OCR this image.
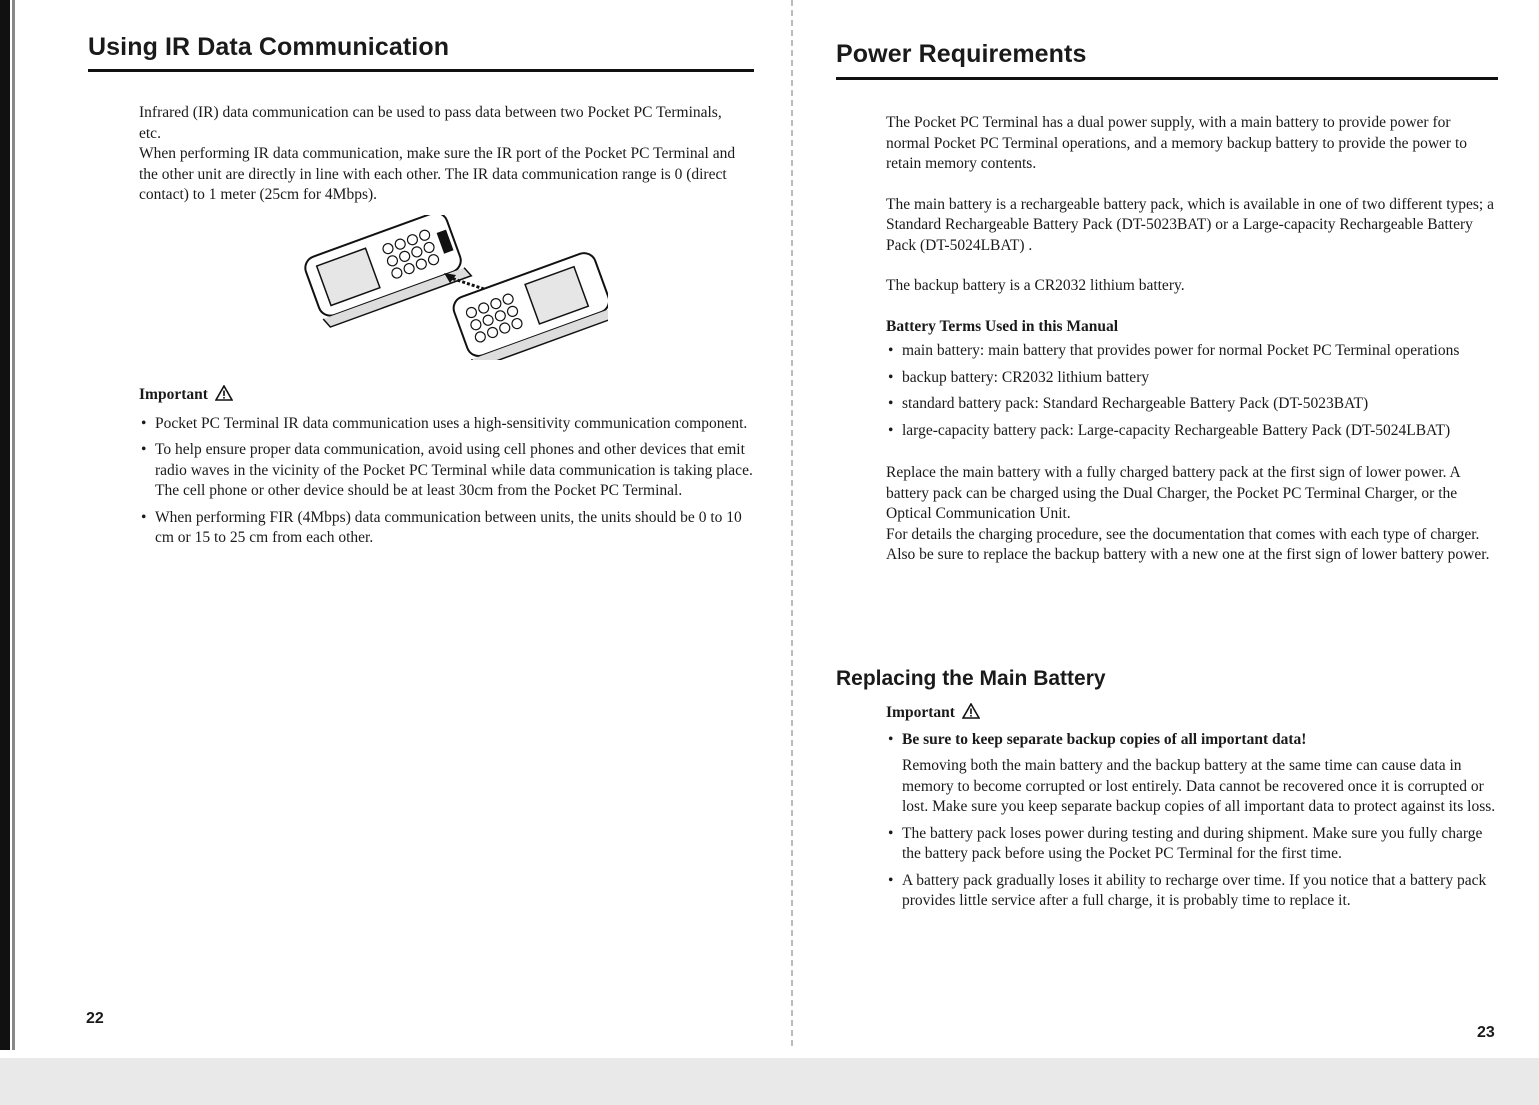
Using IR Data Communication

Infrared (IR) data communication can be used to pass data between two Pocket PC Terminals, etc.

When performing IR data communication, make sure the IR port of the Pocket PC Terminal and the other unit are directly in line with each other. The IR data communication range is 0 (direct contact) to 1 meter (25cm for 4Mbps).

Important

• Pocket PC Terminal IR data communication uses a high-sensitivity communication component.
• To help ensure proper data communication, avoid using cell phones and other devices that emit radio waves in the vicinity of the Pocket PC Terminal while data communication is taking place. The cell phone or other device should be at least 30cm from the Pocket PC Terminal.
• When performing FIR (4Mbps) data communication between units, the units should be 0 to 10 cm or 15 to 25 cm from each other.
22
Power Requirements

The Pocket PC Terminal has a dual power supply, with a main battery to provide power for normal Pocket PC Terminal operations, and a memory backup battery to provide the power to retain memory contents.

The main battery is a rechargeable battery pack, which is available in one of two different types; a Standard Rechargeable Battery Pack (DT-5023BAT) or a Large-capacity Rechargeable Battery Pack (DT-5024LBAT) .

The backup battery is a CR2032 lithium battery.

Battery Terms Used in this Manual

• main battery: main battery that provides power for normal Pocket PC Terminal operations
• backup battery: CR2032 lithium battery
• standard battery pack: Standard Rechargeable Battery Pack (DT-5023BAT)
• large-capacity battery pack: Large-capacity Rechargeable Battery Pack (DT-5024LBAT)

Replace the main battery with a fully charged battery pack at the first sign of lower power. A battery pack can be charged using the Dual Charger, the Pocket PC Terminal Charger, or the Optical Communication Unit.

For details the charging procedure, see the documentation that comes with each type of charger.

Also be sure to replace the backup battery with a new one at the first sign of lower battery power.

Replacing the Main Battery

Important

• Be sure to keep separate backup copies of all important data!
Removing both the main battery and the backup battery at the same time can cause data in memory to become corrupted or lost entirely. Data cannot be recovered once it is corrupted or lost. Make sure you keep separate backup copies of all important data to protect against its loss.
• The battery pack loses power during testing and during shipment. Make sure you fully charge the battery pack before using the Pocket PC Terminal for the first time.
• A battery pack gradually loses it ability to recharge over time. If you notice that a battery pack provides little service after a full charge, it is probably time to replace it.
23
